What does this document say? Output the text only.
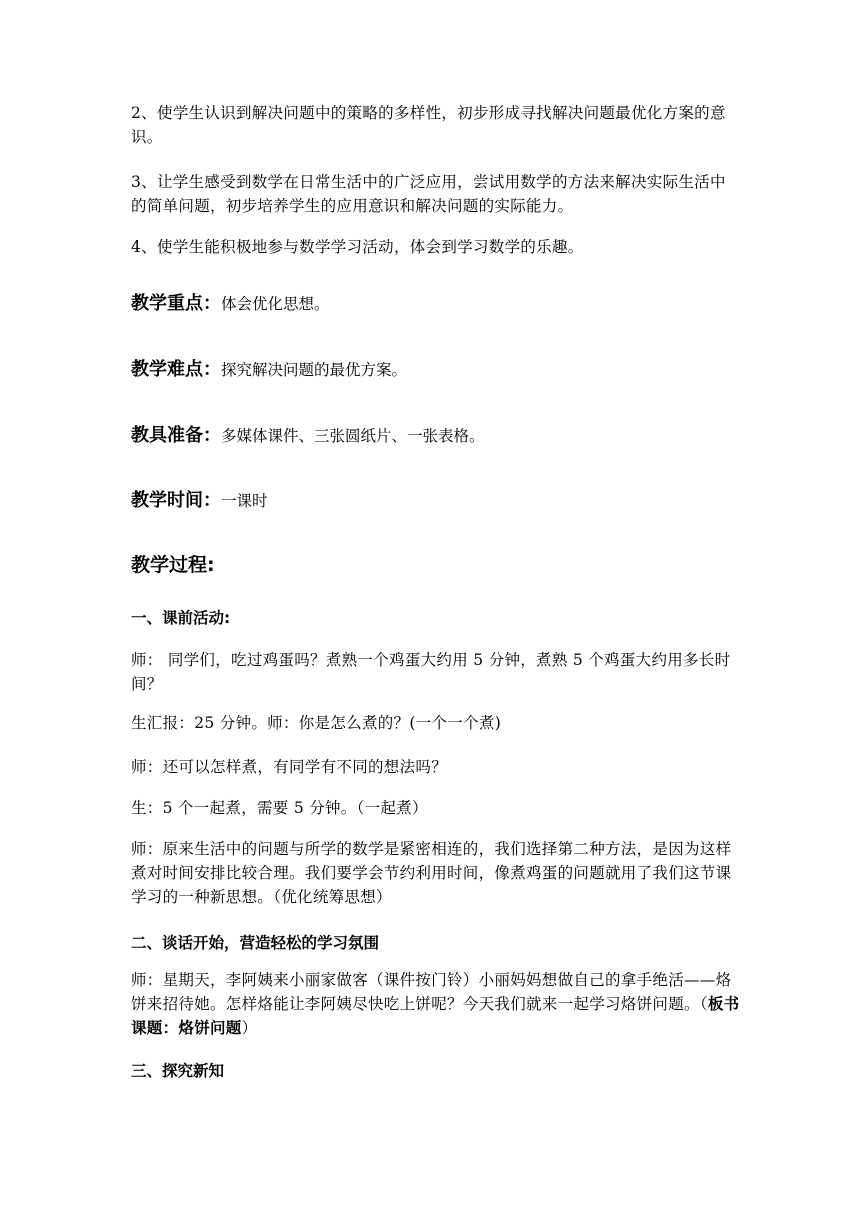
2、使学生认识到解决问题中的策略的多样性，初步形成寻找解决问题最优化方案的意识。

3、让学生感受到数学在日常生活中的广泛应用，尝试用数学的方法来解决实际生活中的简单问题，初步培养学生的应用意识和解决问题的实际能力。

4、使学生能积极地参与数学学习活动，体会到学习数学的乐趣。

教学重点：体会优化思想。
教学难点：探究解决问题的最优方案。
教具准备：多媒体课件、三张圆纸片、一张表格。
教学时间：一课时
教学过程:
一、课前活动:

师： 同学们，吃过鸡蛋吗？煮熟一个鸡蛋大约用 5 分钟，煮熟 5 个鸡蛋大约用多长时间？

生汇报：25 分钟。师：你是怎么煮的？(一个一个煮)

师：还可以怎样煮，有同学有不同的想法吗？

生：5 个一起煮，需要 5 分钟。（一起煮）

师：原来生活中的问题与所学的数学是紧密相连的，我们选择第二种方法，是因为这样煮对时间安排比较合理。我们要学会节约利用时间，像煮鸡蛋的问题就用了我们这节课学习的一种新思想。（优化统筹思想）

二、谈话开始，营造轻松的学习氛围

师：星期天，李阿姨来小丽家做客（课件按门铃）小丽妈妈想做自己的拿手绝活——烙饼来招待她。怎样烙能让李阿姨尽快吃上饼呢？今天我们就来一起学习烙饼问题。（板书课题：烙饼问题）

三、探究新知
